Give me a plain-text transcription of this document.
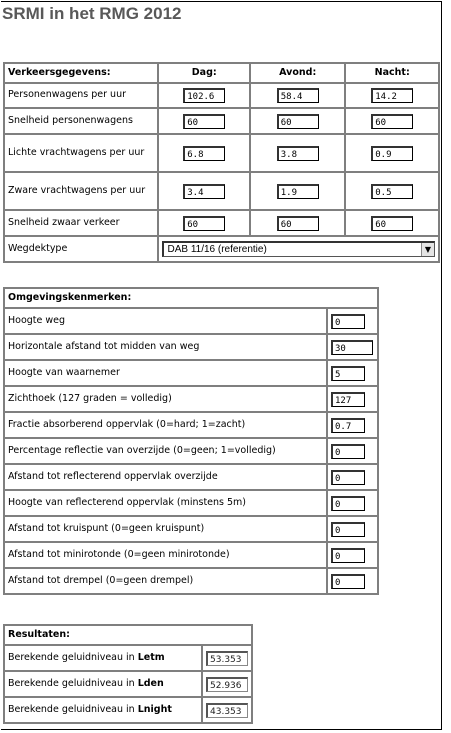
SRMI in het RMG 2012
Verkeersgegevens:	Dag:	Avond:	Nacht:
Personenwagens per uur	102.6	58.4	14.2
Snelheid personenwagens	60	60	60
Lichte vrachtwagens per uur	6.8	3.8	0.9
Zware vrachtwagens per uur	3.4	1.9	0.5
Snelheid zwaar verkeer	60	60	60
Wegdektype	DAB 11/16 (referentie) ▼		
Omgevingskenmerken:	
Hoogte weg	0
Horizontale afstand tot midden van weg	30
Hoogte van waarnemer	5
Zichthoek (127 graden = volledig)	127
Fractie absorberend oppervlak (0=hard; 1=zacht)	0.7
Percentage reflectie van overzijde (0=geen; 1=volledig)	0
Afstand tot reflecterend oppervlak overzijde	0
Hoogte van reflecterend oppervlak (minstens 5m)	0
Afstand tot kruispunt (0=geen kruispunt)	0
Afstand tot minirotonde (0=geen minirotonde)	0
Afstand tot drempel (0=geen drempel)	0
Resultaten:	
Berekende geluidniveau in Letm	53.353
Berekende geluidniveau in Lden	52.936
Berekende geluidniveau in Lnight	43.353
